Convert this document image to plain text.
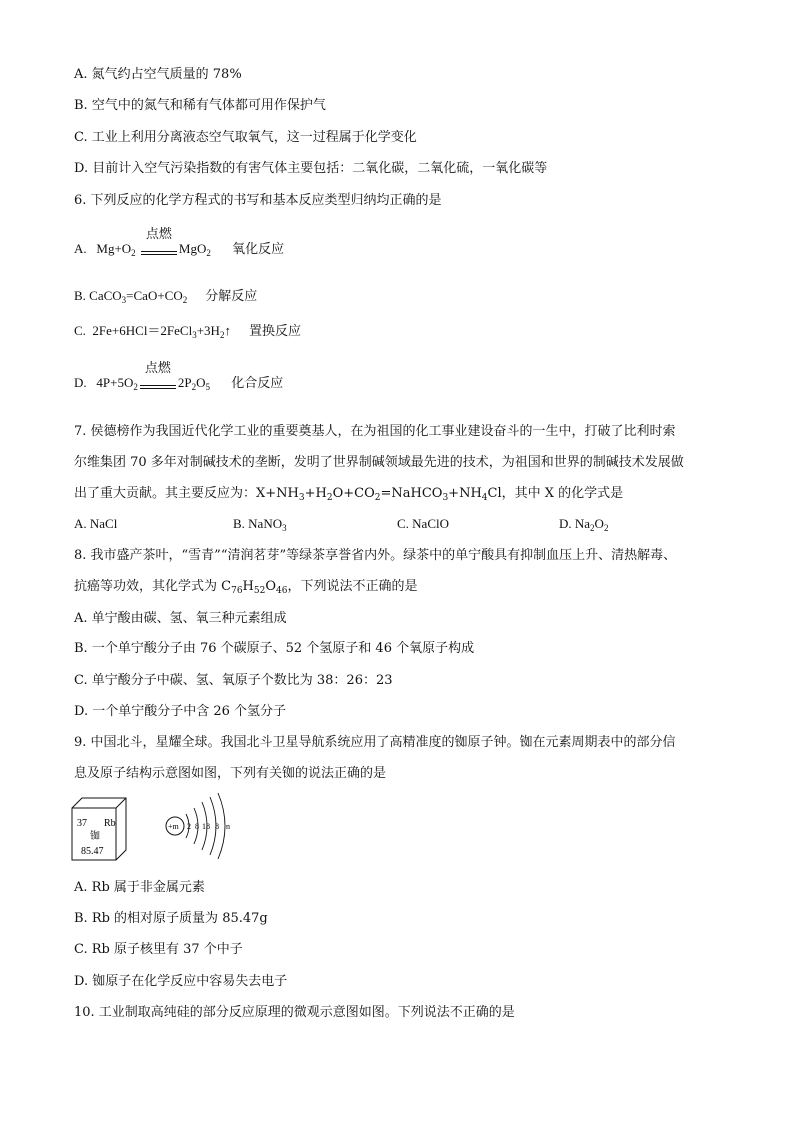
A. 氮气约占空气质量的 78%
B. 空气中的氮气和稀有气体都可用作保护气
C. 工业上利用分离液态空气取氧气，这一过程属于化学变化
D. 目前计入空气污染指数的有害气体主要包括：二氧化碳，二氧化硫，一氧化碳等
6. 下列反应的化学方程式的书写和基本反应类型归纳均正确的是
A. $Mg+O_2$
点燃
MgO$_2$ 氧化反应
B. $CaCO_3=CaO+CO_2$ 分解反应
C. $2Fe+6HCl=2FeCl_3+3H_2↑$ 置换反应
D. $4P+5O_2$
点燃
$2P_2O_5$ 化合反应
7. 侯德榜作为我国近代化学工业的重要奠基人，在为祖国的化工事业建设奋斗的一生中，打破了比利时索
尔维集团 70 多年对制碱技术的垄断，发明了世界制碱领域最先进的技术，为祖国和世界的制碱技术发展做
出了重大贡献。其主要反应为：$X+NH_3+H_2O+CO_2=NaHCO_3+NH_4Cl$，其中 X 的化学式是
A. NaCl	B. NaNO$_3$	C. NaClO	D. $Na_2O_2$
8. 我市盛产茶叶，“雪青”“清润茗芽”等绿茶享誉省内外。绿茶中的单宁酸具有抑制血压上升、清热解毒、
抗癌等功效，其化学式为 $C_{76}H_{52}O_{46}$，下列说法不正确的是
A. 单宁酸由碳、氢、氧三种元素组成
B. 一个单宁酸分子由 76 个碳原子、52 个氢原子和 46 个氧原子构成
C. 单宁酸分子中碳、氢、氧原子个数比为 38：26：23
D. 一个单宁酸分子中含 26 个氢分子
9. 中国北斗，星耀全球。我国北斗卫星导航系统应用了高精准度的铷原子钟。铷在元素周期表中的部分信
息及原子结构示意图如图，下列有关铷的说法正确的是
37 Rb
铷
85.47
+m 2 8 18 8 n
A. Rb 属于非金属元素
B. Rb 的相对原子质量为 85.47g
C. Rb 原子核里有 37 个中子
D. 铷原子在化学反应中容易失去电子
10. 工业制取高纯硅的部分反应原理的微观示意图如图。下列说法不正确的是
